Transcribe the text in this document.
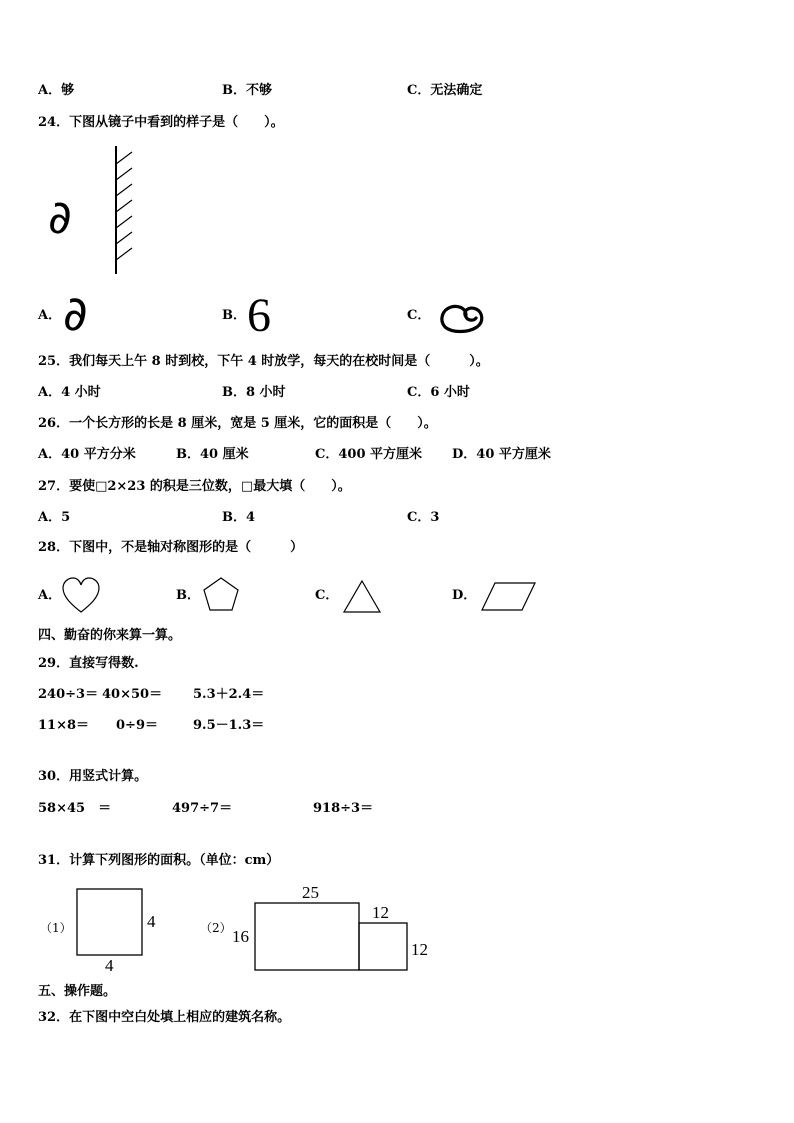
A．够	B．不够	C．无法确定
24．下图从镜子中看到的样子是（　　）。
∂
A． ∂	B． 6	C．
25．我们每天上午 8 时到校，下午 4 时放学，每天的在校时间是（　　　）。
A．4 小时	B．8 小时	C．6 小时
26．一个长方形的长是 8 厘米，宽是 5 厘米，它的面积是（　　）。
A．40 平方分米	B．40 厘米	C．400 平方厘米 D．40 平方厘米
27．要使□2×23 的积是三位数，□最大填（　　）。
A．5	B．4	C．3
28．下图中，不是轴对称图形的是（　　　）
A．	B．	C．	D．
四、勤奋的你来算一算。
29．直接写得数.
240÷3＝ 40×50＝ 5.3＋2.4＝
11×8＝ 0÷9＝	9.5－1.3＝
30．用竖式计算。
58×45　＝	497÷7＝	918÷3＝
31．计算下列图形的面积。（单位：cm）
（1）	4
4
（2）
25
16
12
12
五、操作题。
32．在下图中空白处填上相应的建筑名称。
